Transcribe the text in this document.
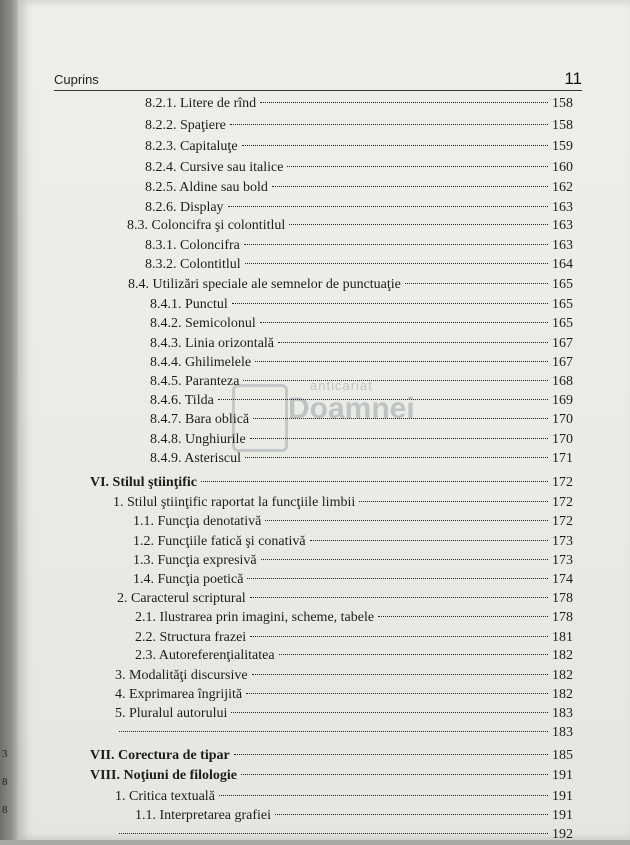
Cuprins	11
anticariat
Doamnei
8.2.1. Litere de rînd	158
8.2.2. Spaţiere	158
8.2.3. Capitaluţe	159
8.2.4. Cursive sau italice	160
8.2.5. Aldine sau bold	162
8.2.6. Display	163
8.3. Coloncifra şi colontitlul	163
8.3.1. Coloncifra	163
8.3.2. Colontitlul	164
8.4. Utilizări speciale ale semnelor de punctuaţie	165
8.4.1. Punctul	165
8.4.2. Semicolonul	165
8.4.3. Linia orizontală	167
8.4.4. Ghilimelele	167
8.4.5. Paranteza	168
8.4.6. Tilda	169
8.4.7. Bara oblică	170
8.4.8. Unghiurile	170
8.4.9. Asteriscul	171
VI. Stilul ştiinţific	172
1. Stilul ştiinţific raportat la funcţiile limbii	172
1.1. Funcţia denotativă	172
1.2. Funcţiile fatică şi conativă	173
1.3. Funcţia expresivă	173
1.4. Funcţia poetică	174
2. Caracterul scriptural	178
2.1. Ilustrarea prin imagini, scheme, tabele	178
2.2. Structura frazei	181
2.3. Autoreferenţialitatea	182
3. Modalităţi discursive	182
4. Exprimarea îngrijită	182
5. Pluralul autorului	183
183
VII. Corectura de tipar	185
VIII. Noţiuni de filologie	191
1. Critica textuală	191
1.1. Interpretarea grafiei	191
192
3
8
8
